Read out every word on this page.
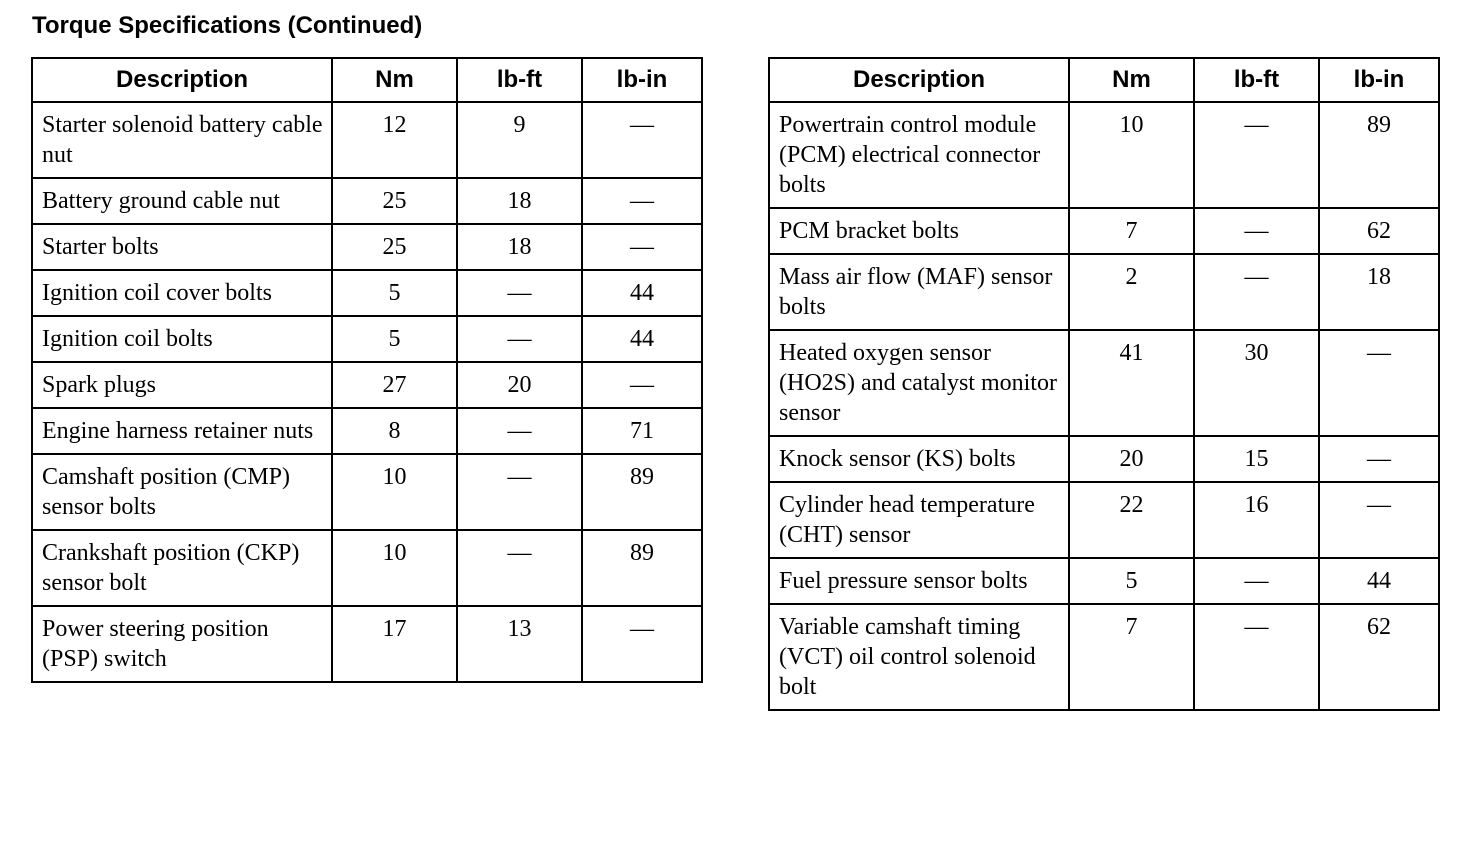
Torque Specifications (Continued)
Description	Nm	lb-ft	lb-in
Starter solenoid battery cable nut	12	9	—
Battery ground cable nut	25	18	—
Starter bolts	25	18	—
Ignition coil cover bolts	5	—	44
Ignition coil bolts	5	—	44
Spark plugs	27	20	—
Engine harness retainer nuts	8	—	71
Camshaft position (CMP) sensor bolts	10	—	89
Crankshaft position (CKP) sensor bolt	10	—	89
Power steering position (PSP) switch	17	13	—
Description	Nm	lb-ft	lb-in
Powertrain control module (PCM) electrical connector bolts	10	—	89
PCM bracket bolts	7	—	62
Mass air flow (MAF) sensor bolts	2	—	18
Heated oxygen sensor (HO2S) and catalyst monitor sensor	41	30	—
Knock sensor (KS) bolts	20	15	—
Cylinder head temperature (CHT) sensor	22	16	—
Fuel pressure sensor bolts	5	—	44
Variable camshaft timing (VCT) oil control solenoid bolt	7	—	62
